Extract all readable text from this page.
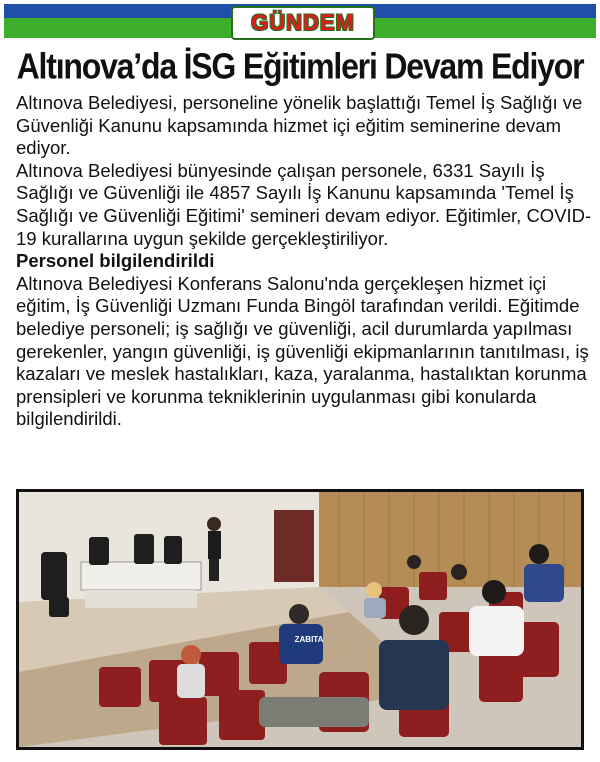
GÜNDEM
Altınova’da İSG Eğitimleri Devam Ediyor

Altınova Belediyesi, personeline yönelik başlattığı Temel İş Sağlığı ve Güvenliği Kanunu kapsamında hizmet içi eğitim seminerine devam ediyor.

Altınova Belediyesi bünyesinde çalışan personele, 6331 Sayılı İş Sağlığı ve Güvenliği ile 4857 Sayılı İş Kanunu kapsamında 'Temel İş Sağlığı ve Güvenliği Eğitimi' semineri devam ediyor. Eğitimler, COVID-19 kurallarına uygun şekilde gerçekleştiriliyor.

Personel bilgilendirildi

Altınova Belediyesi Konferans Salonu'nda gerçekleşen hizmet içi eğitim, İş Güvenliği Uzmanı Funda Bingöl tarafından verildi. Eğitimde belediye personeli; iş sağlığı ve güvenliği, acil durumlarda yapılması gerekenler, yangın güvenliği, iş güvenliği ekipmanlarının tanıtılması, iş kazaları ve meslek hastalıkları, kaza, yaralanma, hastalıktan korunma prensipleri ve korunma tekniklerinin uygulanması gibi konularda bilgilendirildi.

ZABITA
